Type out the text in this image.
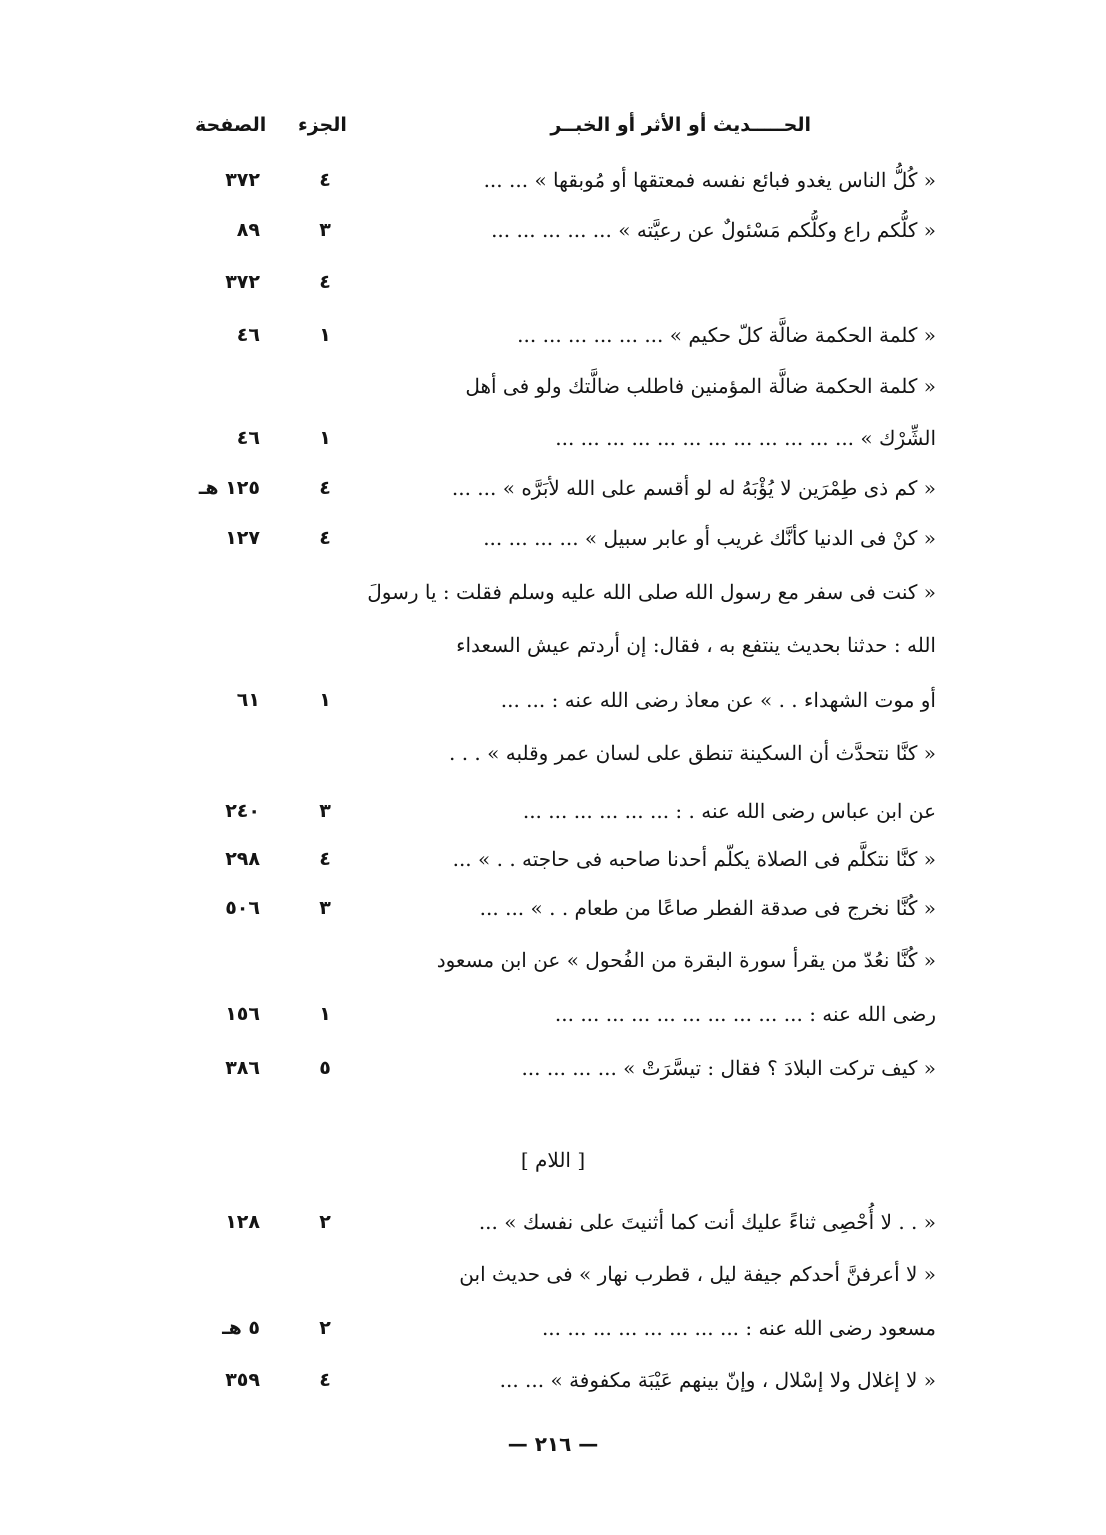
الحـــــديث أو الأثر أو الخبــر
الجزء
الصفحة
« كُلُّ الناس يغدو فبائع نفسه فمعتقها أو مُوبقها » ... ...
٤
٣٧٢
« كلُّكم راع وكلُّكم مَسْئولٌ عن رعيَّته » ... ... ... ... ...
٣
٨٩
٤
٣٧٢
« كلمة الحكمة ضالَّة كلّ حكيم » ... ... ... ... ... ...
١
٤٦
« كلمة الحكمة ضالَّة المؤمنين فاطلب ضالَّتك ولو فى أهل
الشِّرْك » ... ... ... ... ... ... ... ... ... ... ... ...
١
٤٦
« كم ذى طِمْرَين لا يُؤْبَهُ له لو أقسم على الله لأبَرَّه » ... ...
٤
١٢٥ هـ
« كنْ فى الدنيا كأنَّك غريب أو عابر سبيل » ... ... ... ...
٤
١٢٧
« كنت فى سفر مع رسول الله صلى الله عليه وسلم فقلت : يا رسولَ
الله : حدثنا بحديث ينتفع به ، فقال: إن أردتم عيش السعداء
أو موت الشهداء . . » عن معاذ رضى الله عنه : ... ...
١
٦١
« كنَّا نتحدَّث أن السكينة تنطق على لسان عمر وقلبه » . . .
عن ابن عباس رضى الله عنه . : ... ... ... ... ... ...
٣
٢٤٠
« كنَّا نتكلَّم فى الصلاة يكلّم أحدنا صاحبه فى حاجته . . » ...
٤
٢٩٨
« كُنَّا نخرج فى صدقة الفطر صاعًا من طعام . . » ... ...
٣
٥٠٦
« كُنَّا نعُدّ من يقرأ سورة البقرة من الفُحول » عن ابن مسعود
رضى الله عنه : ... ... ... ... ... ... ... ... ... ...
١
١٥٦
« كيف تركت البلادَ ؟ فقال : تيسَّرَتْ » ... ... ... ...
٥
٣٨٦
[ اللام ]
« . . لا أُحْصِى ثناءً عليك أنت كما أثنيتَ على نفسك » ...
٢
١٢٨
« لا أعرفنَّ أحدكم جيفة ليل ، قطرب نهار » فى حديث ابن
مسعود رضى الله عنه : ... ... ... ... ... ... ... ...
٢
٥ هـ
« لا إغلال ولا إسْلال ، وإنّ بينهم عَيْبَة مكفوفة » ... ...
٤
٣٥٩
— ٢١٦ —
